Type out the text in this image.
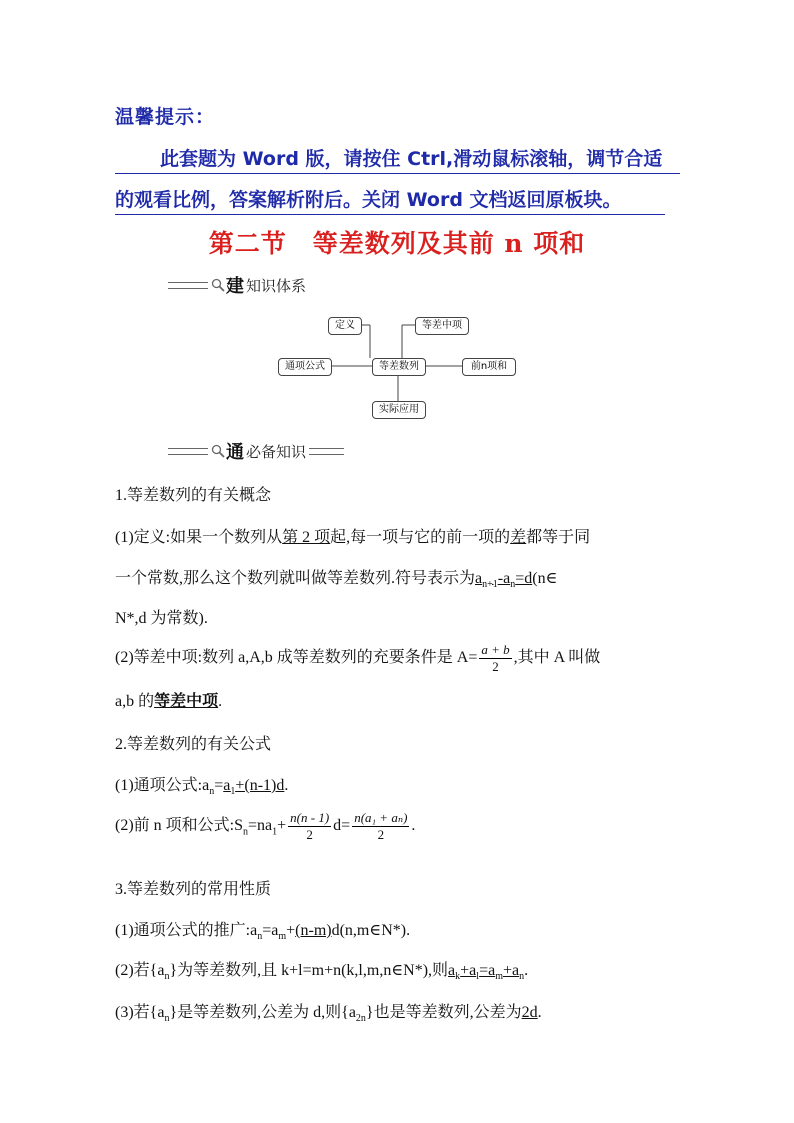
温馨提示：
此套题为 Word 版，请按住 Ctrl,滑动鼠标滚轴，调节合适
的观看比例，答案解析附后。关闭 Word 文档返回原板块。
第二节　等差数列及其前 n 项和
建 知识体系
定义	等差中项
通项公式	等差数列	前n项和
实际应用
通 必备知识
1.等差数列的有关概念
(1)定义:如果一个数列从第 2 项起,每一项与它的前一项的差都等于同
一个常数,那么这个数列就叫做等差数列.符号表示为$a_{n+1}-a_n=d(n\in$
N*,d 为常数).
(2)等差中项:数列 a,A,b 成等差数列的充要条件是 $A= \frac{a + b}{2}$ ,其中 A 叫做
a,b 的等差中项.
2.等差数列的有关公式
(1)通项公式$:a_n=a_1+(n-1)d$.
(2)前 n 项和公式$:S_n=na_1+ \frac{n(n - 1)}{2} d= \frac{\text{n(a₁ + aₙ)}}{2}$ .
3.等差数列的常用性质
(1)通项公式的推广$:a_n=a_m+(n-m)d(n,m\in N*)$.
(2)若$\{a_n\}$为等差数列,且 k+l=m+n(k,l,m,n∈N*),则$a_k+a_l=a_m+a_n$.
(3)若$\{a_n\}$是等差数列,公差为 d,则$\{a_{2n}\}$也是等差数列,公差为2d.
